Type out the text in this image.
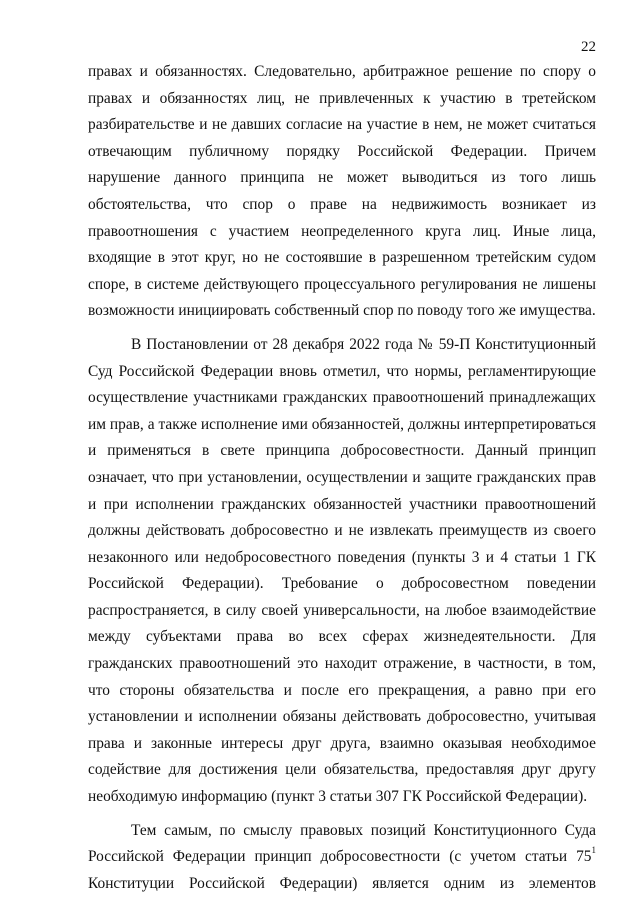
22

правах и обязанностях. Следовательно, арбитражное решение по спору о правах и обязанностях лиц, не привлеченных к участию в третейском разбирательстве и не давших согласие на участие в нем, не может считаться отвечающим публичному порядку Российской Федерации. Причем нарушение данного принципа не может выводиться из того лишь обстоятельства, что спор о праве на недвижимость возникает из правоотношения с участием неопределенного круга лиц. Иные лица, входящие в этот круг, но не состоявшие в разрешенном третейским судом споре, в системе действующего процессуального регулирования не лишены возможности инициировать собственный спор по поводу того же имущества.

В Постановлении от 28 декабря 2022 года № 59-П Конституционный Суд Российской Федерации вновь отметил, что нормы, регламентирующие осуществление участниками гражданских правоотношений принадлежащих им прав, а также исполнение ими обязанностей, должны интерпретироваться и применяться в свете принципа добросовестности. Данный принцип означает, что при установлении, осуществлении и защите гражданских прав и при исполнении гражданских обязанностей участники правоотношений должны действовать добросовестно и не извлекать преимуществ из своего незаконного или недобросовестного поведения (пункты 3 и 4 статьи 1 ГК Российской Федерации). Требование о добросовестном поведении распространяется, в силу своей универсальности, на любое взаимодействие между субъектами права во всех сферах жизнедеятельности. Для гражданских правоотношений это находит отражение, в частности, в том, что стороны обязательства и после его прекращения, а равно при его установлении и исполнении обязаны действовать добросовестно, учитывая права и законные интересы друг друга, взаимно оказывая необходимое содействие для достижения цели обязательства, предоставляя друг другу необходимую информацию (пункт 3 статьи 307 ГК Российской Федерации).

Тем самым, по смыслу правовых позиций Конституционного Суда Российской Федерации принцип добросовестности (с учетом статьи $75^1$ Конституции Российской Федерации) является одним из элементов
